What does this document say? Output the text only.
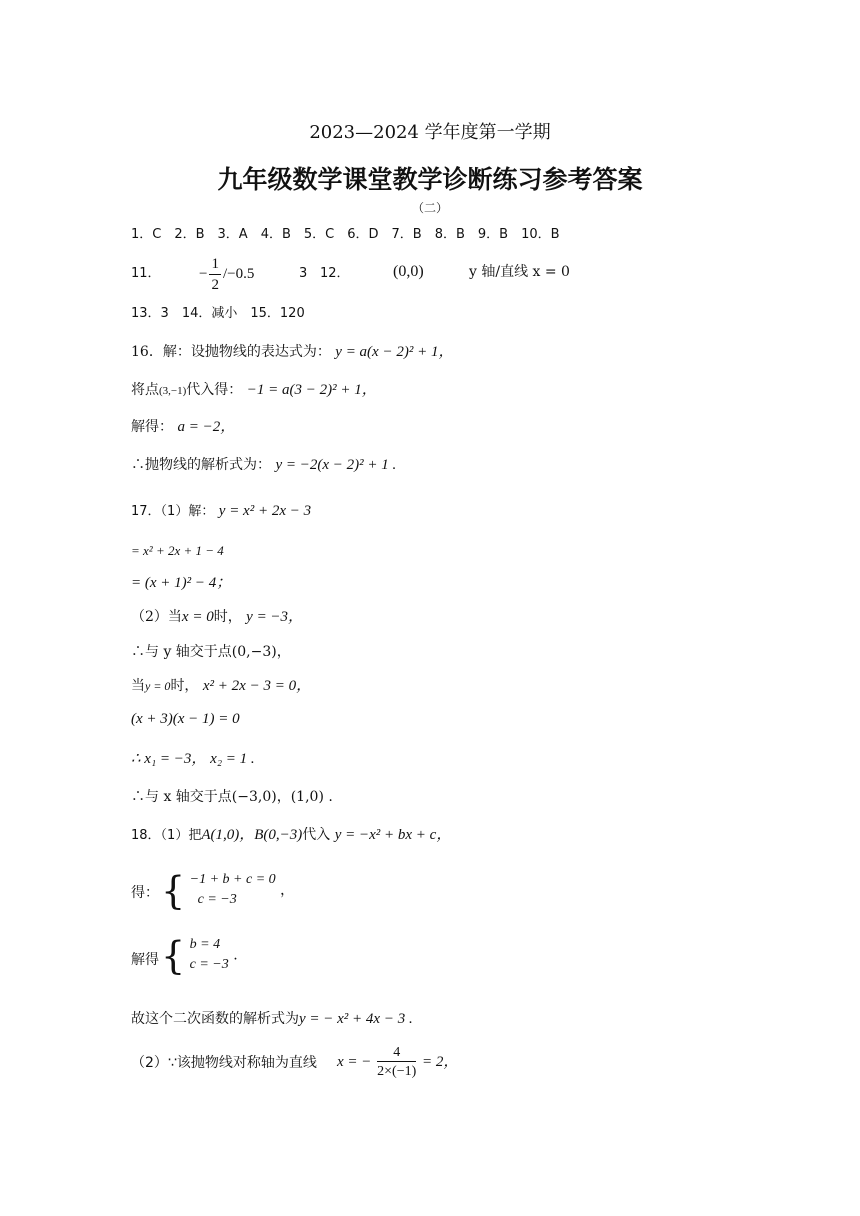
2023—2024 学年度第一学期
九年级数学课堂教学诊断练习参考答案
（二）
1．C　2．B　3．A　4．B　5．C　6．D　7．B　8．B　9．B　10．B
11．	− $\frac{1}{2} /-0.5$	3 12．	(0,0)	y 轴/直线 x = 0
13．3　14．减小　15．120
16．解：设抛物线的表达式为： y = a(x − 2)² + 1，
将点(3,−1)代入得： −1 = a(3 − 2)² + 1，
解得： a = −2，
∴抛物线的解析式为： y = −2(x − 2)² + 1 .
17．（1）解： y = x² + 2x − 3
= x² + 2x + 1 − 4
= (x + 1)² − 4；
（2）当x = 0时， y = −3，
∴与 y 轴交于点(0,−3)，
当y = 0时， x² + 2x − 3 = 0，
(x + 3)(x − 1) = 0
∴ x₁ = −3， x₂ = 1 .
∴与 x 轴交于点(−3,0)，(1,0) .
18．（1）把A(1,0)，B(0,−3)代入 y = −x² + bx + c，
得： { −1 + b + c = 0
c = −3
，
解得 { b = 4
c = −3
.
故这个二次函数的解析式为y = − x² + 4x − 3 .
（2）∵该抛物线对称轴为直线 x = − $\frac{4}{2\times(-1)} = 2$，
